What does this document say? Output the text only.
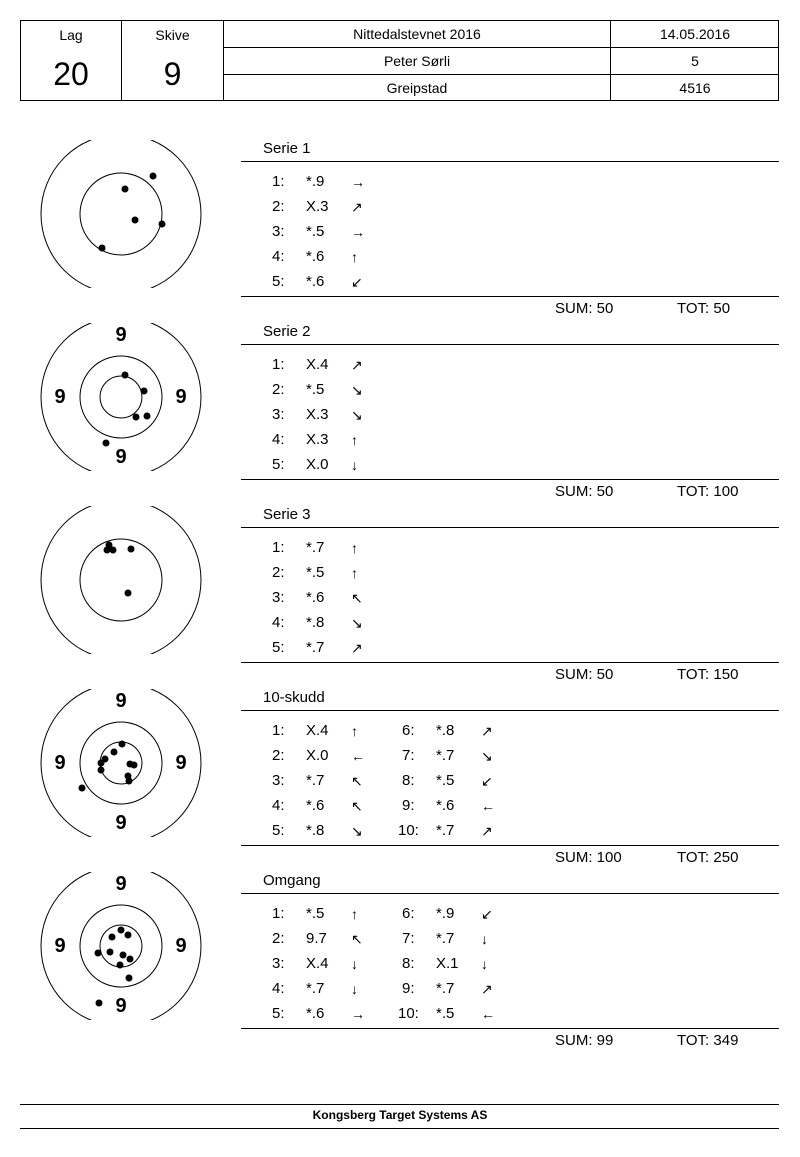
Lag
20
Skive
9
Nittedalstevnet 2016	14.05.2016
Peter Sørli	5
Greipstad	4516
Serie 1
1: *.9 →
2: X.3 ↗
3: *.5 →
4: *.6 ↑
5: *.6 ↙
SUM: 50	TOT: 50
9
9	9
9
Serie 2
1: X.4 ↗
2: *.5 ↘
3: X.3 ↘
4: X.3 ↑
5: X.0 ↓
SUM: 50	TOT: 100
Serie 3
1: *.7 ↑
2: *.5 ↑
3: *.6 ↖
4: *.8 ↘
5: *.7 ↗
SUM: 50	TOT: 150
9
9	9
9
10-skudd
1: X.4 ↑
2: X.0 ←
3: *.7 ↖
4: *.6 ↖
5: *.8 ↘
6: *.8 ↗
7: *.7 ↘
8: *.5 ↙
9: *.6 ←
10: *.7 ↗
SUM: 100	TOT: 250
9
9	9
9
Omgang
1: *.5 ↑
2: 9.7 ↖
3: X.4 ↓
4: *.7 ↓
5: *.6 →
6: *.9 ↙
7: *.7 ↓
8: X.1 ↓
9: *.7 ↗
10: *.5 ←
SUM: 99	TOT: 349
Kongsberg Target Systems AS
